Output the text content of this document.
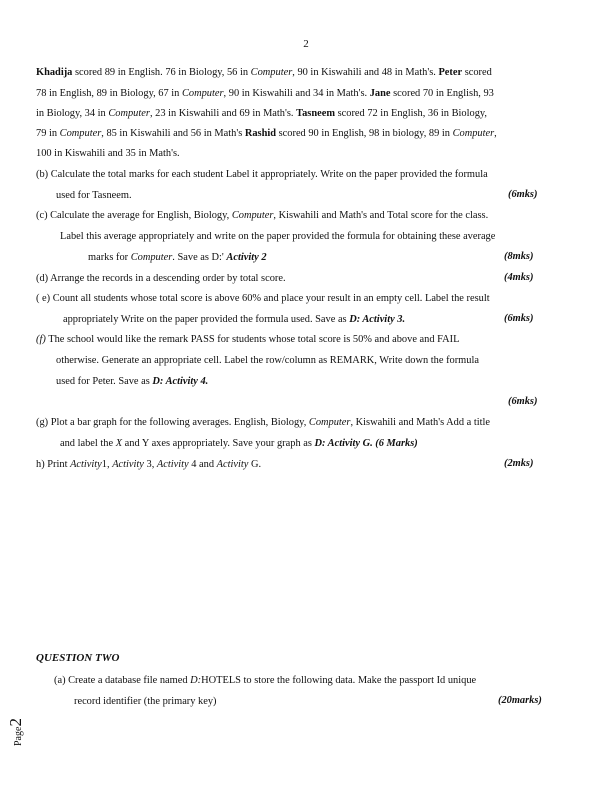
2
Khadija scored 89 in English. 76 in Biology, 56 in Computer, 90 in Kiswahili and 48 in Math's. Peter scored
78 in English, 89 in Biology, 67 in Computer, 90 in Kiswahili and 34 in Math's. Jane scored 70 in English, 93
in Biology, 34 in Computer, 23 in Kiswahili and 69 in Math's. Tasneem scored 72 in English, 36 in Biology,
79 in Computer, 85 in Kiswahili and 56 in Math's Rashid scored 90 in English, 98 in biology, 89 in Computer,
100 in Kiswahili and 35 in Math's.
(b) Calculate the total marks for each student Label it appropriately. Write on the paper provided the formula
used for Tasneem.	(6mks)
(c) Calculate the average for English, Biology, Computer, Kiswahili and Math's and Total score for the class.
Label this average appropriately and write on the paper provided the formula for obtaining these average
marks for Computer. Save as D:' Activity 2	(8mks)
(d) Arrange the records in a descending order by total score.	(4mks)
( e) Count all students whose total score is above 60% and place your result in an empty cell. Label the result
appropriately Write on the paper provided the formula used. Save as D: Activity 3.	(6mks)
(f) The school would like the remark PASS for students whose total score is 50% and above and FAIL
otherwise. Generate an appropriate cell. Label the row/column as REMARK, Write down the formula
used for Peter. Save as D: Activity 4.
(6mks)
(g) Plot a bar graph for the following averages. English, Biology, Computer, Kiswahili and Math's Add a title
and label the X and Y axes appropriately. Save your graph as D: Activity G. (6 Marks)
h) Print Activity1, Activity 3, Activity 4 and Activity G.	(2mks)
QUESTION TWO
(a) Create a database file named D:HOTELS to store the following data. Make the passport Id unique
record identifier (the primary key)	(20marks)
Page2
